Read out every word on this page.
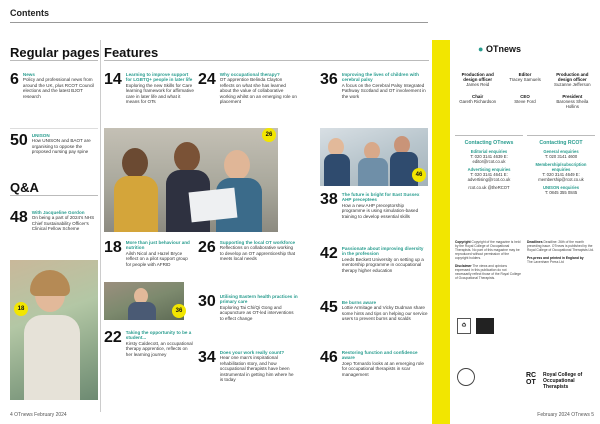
Contents
Regular pages Features
6 News
Policy and professional news from around the UK, plus RCOT Council elections and the latest BJOT research
50 UNISON
How UNISON and BAOT are organising to oppose the proposed nursing pay spine
Q&A
48 With Jacqueline Gordon
On being a part of 2024's NHS Chief Sustainability Officer's Clinical Fellow Scheme
18
14 Learning to improve support for LGBTQ+ people in later life
Exploring the new Skills for Care learning framework for affirmative care in later life and what it means for OTs
24 Why occupational therapy?
OT apprentice Belinda Clayton reflects on what she has learned about the value of collaborative working whilst on an emerging role on placement
36 Improving the lives of children with cerebral palsy
A focus on the Cerebral Palsy Integrated Pathway Scotland and OT involvement in the work
26
46
38 The future is bright for East Sussex AHP preceptees
How a new AHP preceptorship programme is using simulation-based training to develop essential skills
18 More than just behaviour and nutrition
Ailsh Nicol and Hazel Bryce reflect on a pilot support group for people with AFRID
26 Supporting the local OT workforce
Reflections on collaborative working to develop an OT apprenticeship that meets local needs
30 Utilising Eastern health practices in primary care
Exploring Tai Chi/Qi Gong and acupuncture as OT-led interventions to effect change
42 Passionate about improving diversity in the profession
Leeds Beckett University on setting up a mentorship programme in occupational therapy higher education
45 Be burns aware
Lottie Armitage and Vicky Dudman share some hints and tips on helping our service users to prevent burns and scalds
36
22 Taking the opportunity to be a student...
Kirsty Caldecott, an occupational therapy apprentice, reflects on her learning journey	34 Does your work really count?
Hear one man's inspirational rehabilitation story, and how occupational therapists have been instrumental in getting him where he is today
46 Restoring function and confidence aware
Joep Tornardo looks at an emerging role for occupational therapists in scar management
● OTnews
Production and design officer
James Reid
Editor
Tracey Samuels
Production and design officer
Suzanne Jefferson
Chair
Gareth Richardson
CEO
Steve Ford
President
Baroness Sheila Hollins
Contacting OTnews
Editorial enquiries
T: 020 3141 4639 E: editor@rcot.co.uk
Advertising enquiries
T: 020 3141 4641 E: advertising@rcot.co.uk
rcot.co.uk @theRCOT
Contacting RCOT
General enquiries
T: 020 3141 4600
Membership/subscription enquiries
T: 020 3141 4649 E: membership@rcot.co.uk
UNISON enquiries
T: 0845 355 0845
Copyright Copyright of the magazine is held by the Royal College of Occupational Therapists. No part of this magazine may be reproduced without permission of the copyright holders.

Disclaimer The views and opinions expressed in this publication do not necessarily reflect those of the Royal College of Occupational Therapists.
Deadlines Deadline: 26th of the month preceding issue. OTnews is published by the Royal College of Occupational Therapists Ltd.

Pre-press and printed in England by
The Lavenham Press Ltd
♻
RC OT
Royal College of Occupational Therapists
4 OTnews February 2024	February 2024 OTnews 5
